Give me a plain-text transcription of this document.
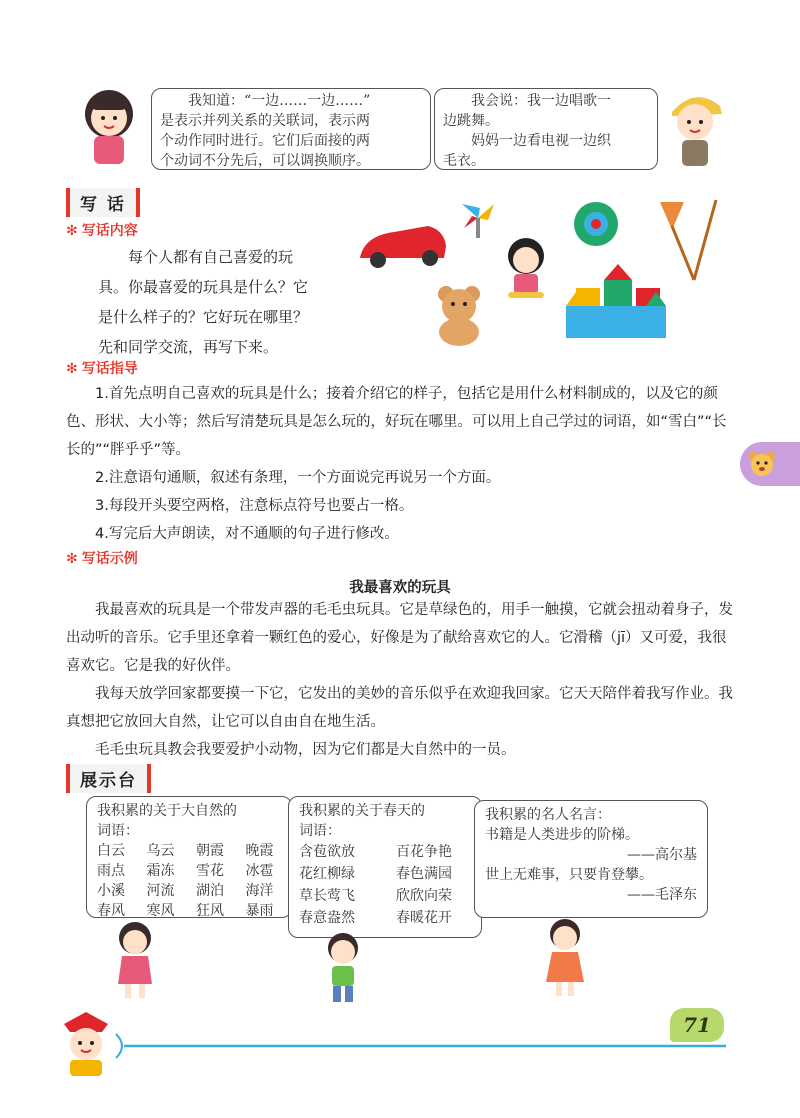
我知道：“一边……一边……”

是表示并列关系的关联词，表示两

个动作同时进行。它们后面接的两

个动词不分先后，可以调换顺序。

我会说：我一边唱歌一

边跳舞。

妈妈一边看电视一边织

毛衣。

写 话
✻ 写话内容

每个人都有自己喜爱的玩

具。你最喜爱的玩具是什么？它

是什么样子的？它好玩在哪里？

先和同学交流，再写下来。

✻ 写话指导

1.首先点明自己喜欢的玩具是什么；接着介绍它的样子，包括它是用什么材料制成的，以及它的颜色、形状、大小等；然后写清楚玩具是怎么玩的，好玩在哪里。可以用上自己学过的词语，如“雪白”“长长的”“胖乎乎”等。

2.注意语句通顺，叙述有条理，一个方面说完再说另一个方面。

3.每段开头要空两格，注意标点符号也要占一格。

4.写完后大声朗读，对不通顺的句子进行修改。

✻ 写话示例
我最喜欢的玩具

我最喜欢的玩具是一个带发声器的毛毛虫玩具。它是草绿色的，用手一触摸，它就会扭动着身子，发出动听的音乐。它手里还拿着一颗红色的爱心，好像是为了献给喜欢它的人。它滑稽（jī）又可爱，我很喜欢它。它是我的好伙伴。

我每天放学回家都要摸一下它，它发出的美妙的音乐似乎在欢迎我回家。它天天陪伴着我写作业。我真想把它放回大自然，让它可以自由自在地生活。

毛毛虫玩具教会我要爱护小动物，因为它们都是大自然中的一员。

展示台

我积累的关于大自然的

词语：

白云	乌云	朝霞	晚霞
雨点	霜冻	雪花	冰雹
小溪	河流	湖泊	海洋
春风	寒风	狂风	暴雨

我积累的关于春天的

词语：

含苞欲放	百花争艳
花红柳绿	春色满园
草长莺飞	欣欣向荣
春意盎然	春暖花开

我积累的名人名言：

书籍是人类进步的阶梯。

——高尔基

世上无难事，只要肯登攀。

——毛泽东

71
